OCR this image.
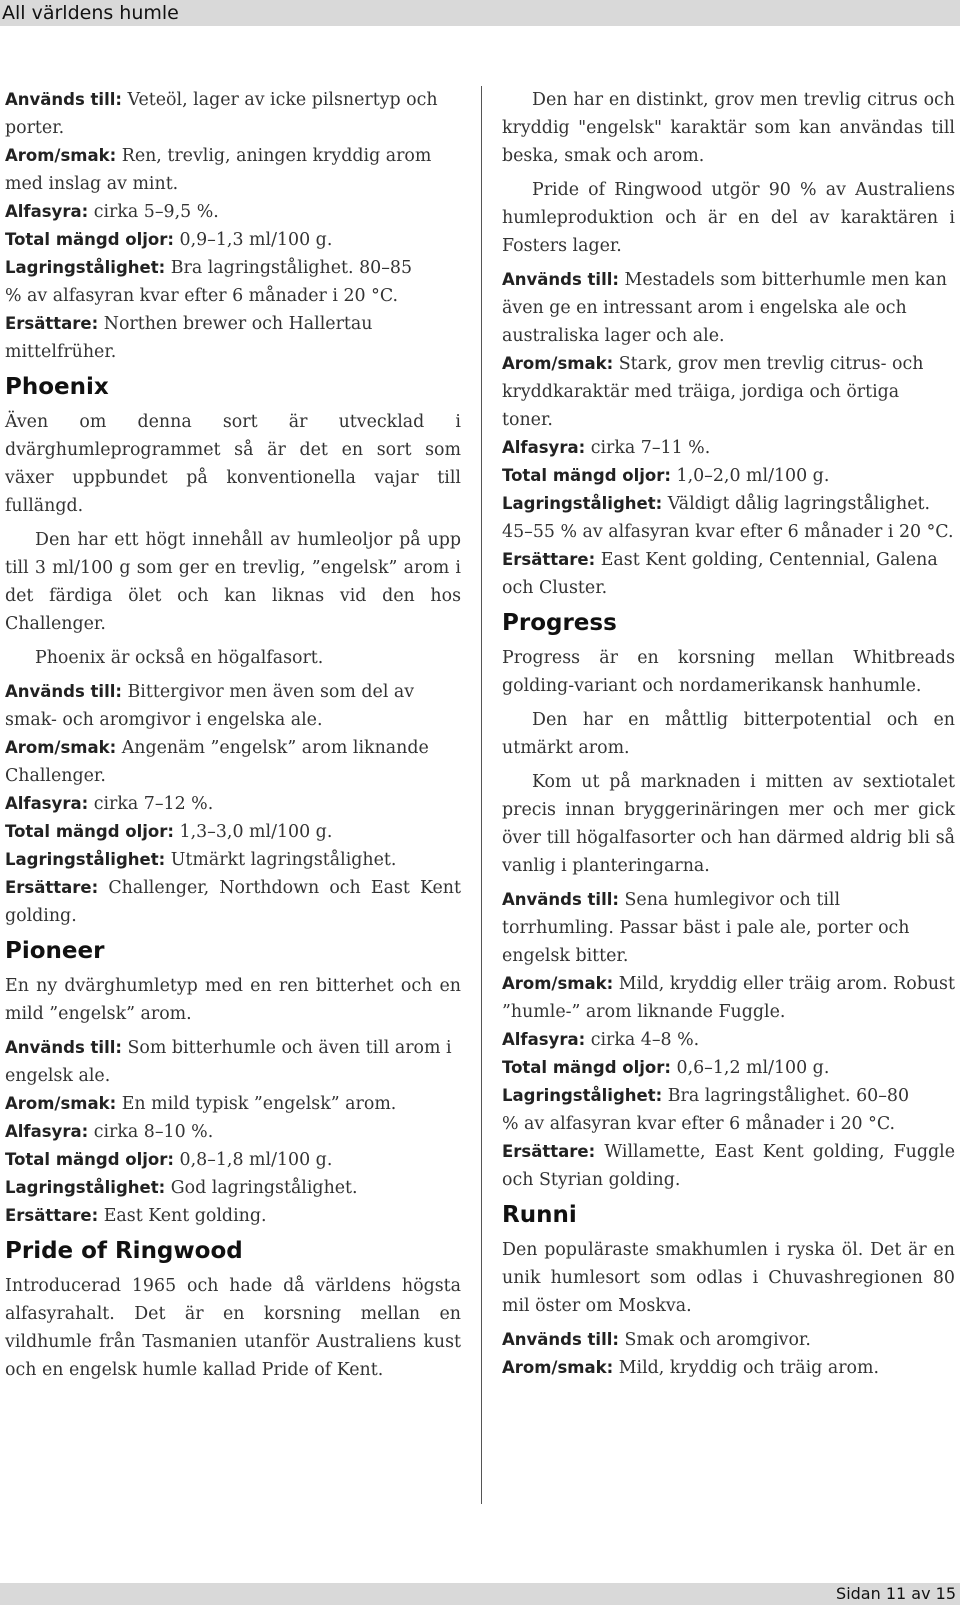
All världens humle

Används till: Veteöl, lager av icke pilsnertyp och porter.

Arom/smak: Ren, trevlig, aningen kryddig arom med inslag av mint.

Alfasyra: cirka 5–9,5 %.

Total mängd oljor: 0,9–1,3 ml/100 g.

Lagringstålighet: Bra lagringstålighet. 80–85 % av alfasyran kvar efter 6 månader i 20 °C.

Ersättare: Northen brewer och Hallertau mittelfrüher.

Phoenix

Även om denna sort är utvecklad i dvärghumleprogrammet så är det en sort som växer uppbundet på konventionella vajar till fullängd.

Den har ett högt innehåll av humleoljor på upp till 3 ml/100 g som ger en trevlig, ”engelsk” arom i det färdiga ölet och kan liknas vid den hos Challenger.

Phoenix är också en högalfasort.

Används till: Bittergivor men även som del av smak- och aromgivor i engelska ale.

Arom/smak: Angenäm ”engelsk” arom liknande Challenger.

Alfasyra: cirka 7–12 %.

Total mängd oljor: 1,3–3,0 ml/100 g.

Lagringstålighet: Utmärkt lagringstålighet.

Ersättare: Challenger, Northdown och East Kent golding.

Pioneer

En ny dvärghumletyp med en ren bitterhet och en mild ”engelsk” arom.

Används till: Som bitterhumle och även till arom i engelsk ale.

Arom/smak: En mild typisk ”engelsk” arom.

Alfasyra: cirka 8–10 %.

Total mängd oljor: 0,8–1,8 ml/100 g.

Lagringstålighet: God lagringstålighet.

Ersättare: East Kent golding.

Pride of Ringwood

Introducerad 1965 och hade då världens högsta alfasyrahalt. Det är en korsning mellan en vildhumle från Tasmanien utanför Australiens kust och en engelsk humle kallad Pride of Kent.

Den har en distinkt, grov men trevlig citrus och kryddig "engelsk" karaktär som kan användas till beska, smak och arom.

Pride of Ringwood utgör 90 % av Australiens humleproduktion och är en del av karaktären i Fosters lager.

Används till: Mestadels som bitterhumle men kan även ge en intressant arom i engelska ale och australiska lager och ale.

Arom/smak: Stark, grov men trevlig citrus- och kryddkaraktär med träiga, jordiga och örtiga toner.

Alfasyra: cirka 7–11 %.

Total mängd oljor: 1,0–2,0 ml/100 g.

Lagringstålighet: Väldigt dålig lagringstålighet. 45–55 % av alfasyran kvar efter 6 månader i 20 °C.

Ersättare: East Kent golding, Centennial, Galena och Cluster.

Progress

Progress är en korsning mellan Whitbreads golding-variant och nordamerikansk hanhumle.

Den har en måttlig bitterpotential och en utmärkt arom.

Kom ut på marknaden i mitten av sextiotalet precis innan bryggerinäringen mer och mer gick över till högalfasorter och han därmed aldrig bli så vanlig i planteringarna.

Används till: Sena humlegivor och till torrhumling. Passar bäst i pale ale, porter och engelsk bitter.

Arom/smak: Mild, kryddig eller träig arom. Robust ”humle-” arom liknande Fuggle.

Alfasyra: cirka 4–8 %.

Total mängd oljor: 0,6–1,2 ml/100 g.

Lagringstålighet: Bra lagringstålighet. 60–80 % av alfasyran kvar efter 6 månader i 20 °C.

Ersättare: Willamette, East Kent golding, Fuggle och Styrian golding.

Runni

Den populäraste smakhumlen i ryska öl. Det är en unik humlesort som odlas i Chuvashregionen 80 mil öster om Moskva.

Används till: Smak och aromgivor.

Arom/smak: Mild, kryddig och träig arom.

Sidan 11 av 15
